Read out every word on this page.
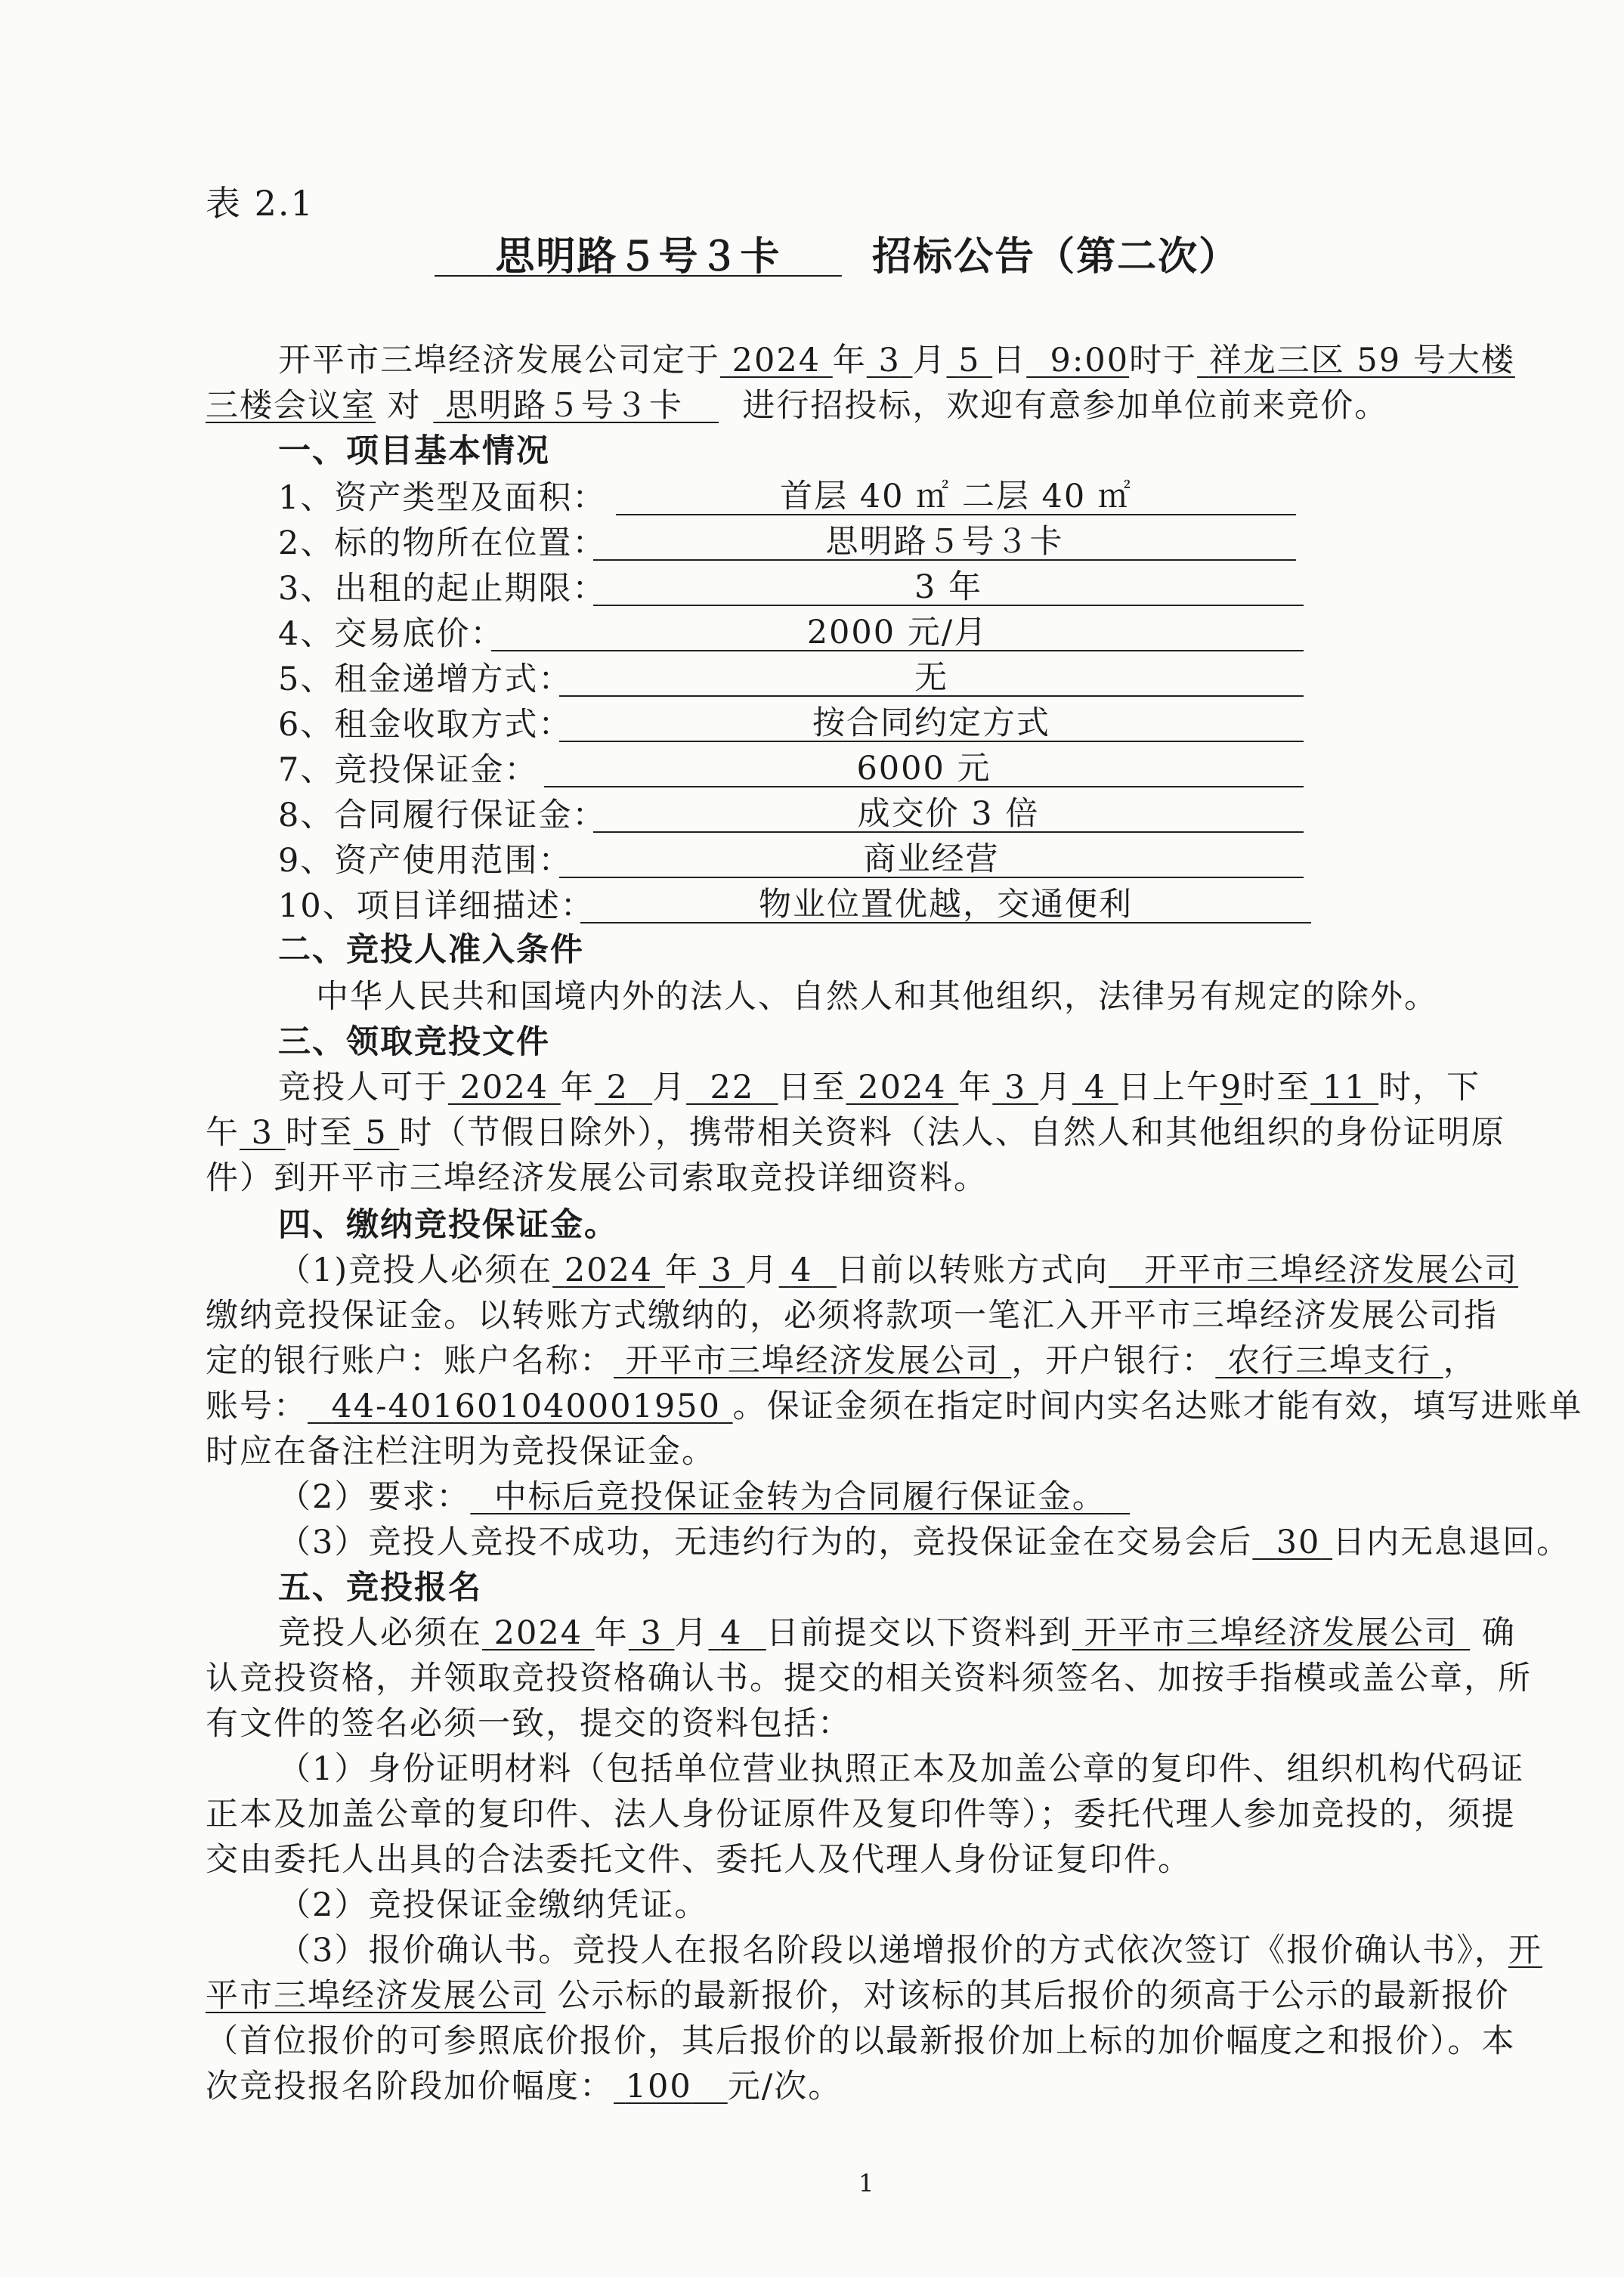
表 2.1
思明路５号３卡 招标公告（第二次）
开平市三埠经济发展公司定于 2024 年 3 月 5 日 9:00时于 祥龙三区 59 号大楼
三楼会议室 对 思明路５号３卡 进行招投标，欢迎有意参加单位前来竞价。
一、项目基本情况
1、资产类型及面积：	首层 40 ㎡ 二层 40 ㎡
2、标的物所在位置：	思明路５号３卡
3、出租的起止期限：	3 年
4、交易底价：	2000 元/月
5、租金递增方式：	无
6、租金收取方式：	按合同约定方式
7、竞投保证金：	6000 元
8、合同履行保证金：	成交价 3 倍
9、资产使用范围：	商业经营
10、项目详细描述：	物业位置优越，交通便利
二、竞投人准入条件
中华人民共和国境内外的法人、自然人和其他组织，法律另有规定的除外。
三、领取竞投文件
竞投人可于 2024 年 2 月 22 日至 2024 年 3 月 4 日上午9时至 11 时，下
午 3 时至 5 时（节假日除外），携带相关资料（法人、自然人和其他组织的身份证明原
件）到开平市三埠经济发展公司索取竞投详细资料。
四、缴纳竞投保证金。
（1)竞投人必须在 2024 年 3 月 4 日前以转账方式向 开平市三埠经济发展公司
缴纳竞投保证金。以转账方式缴纳的，必须将款项一笔汇入开平市三埠经济发展公司指
定的银行账户：账户名称： 开平市三埠经济发展公司 ，开户银行： 农行三埠支行 ，
账号： 44-401601040001950 。保证金须在指定时间内实名达账才能有效，填写进账单
时应在备注栏注明为竞投保证金。
（2）要求： 中标后竞投保证金转为合同履行保证金。
（3）竞投人竞投不成功，无违约行为的，竞投保证金在交易会后 30 日内无息退回。
五、竞投报名
竞投人必须在 2024 年 3 月 4 日前提交以下资料到 开平市三埠经济发展公司 确
认竞投资格，并领取竞投资格确认书。提交的相关资料须签名、加按手指模或盖公章，所
有文件的签名必须一致，提交的资料包括：
（1）身份证明材料（包括单位营业执照正本及加盖公章的复印件、组织机构代码证
正本及加盖公章的复印件、法人身份证原件及复印件等）；委托代理人参加竞投的，须提
交由委托人出具的合法委托文件、委托人及代理人身份证复印件。
（2）竞投保证金缴纳凭证。
（3）报价确认书。竞投人在报名阶段以递增报价的方式依次签订《报价确认书》，开
平市三埠经济发展公司 公示标的最新报价，对该标的其后报价的须高于公示的最新报价
（首位报价的可参照底价报价，其后报价的以最新报价加上标的加价幅度之和报价）。本
次竞投报名阶段加价幅度： 100 元/次。
1
